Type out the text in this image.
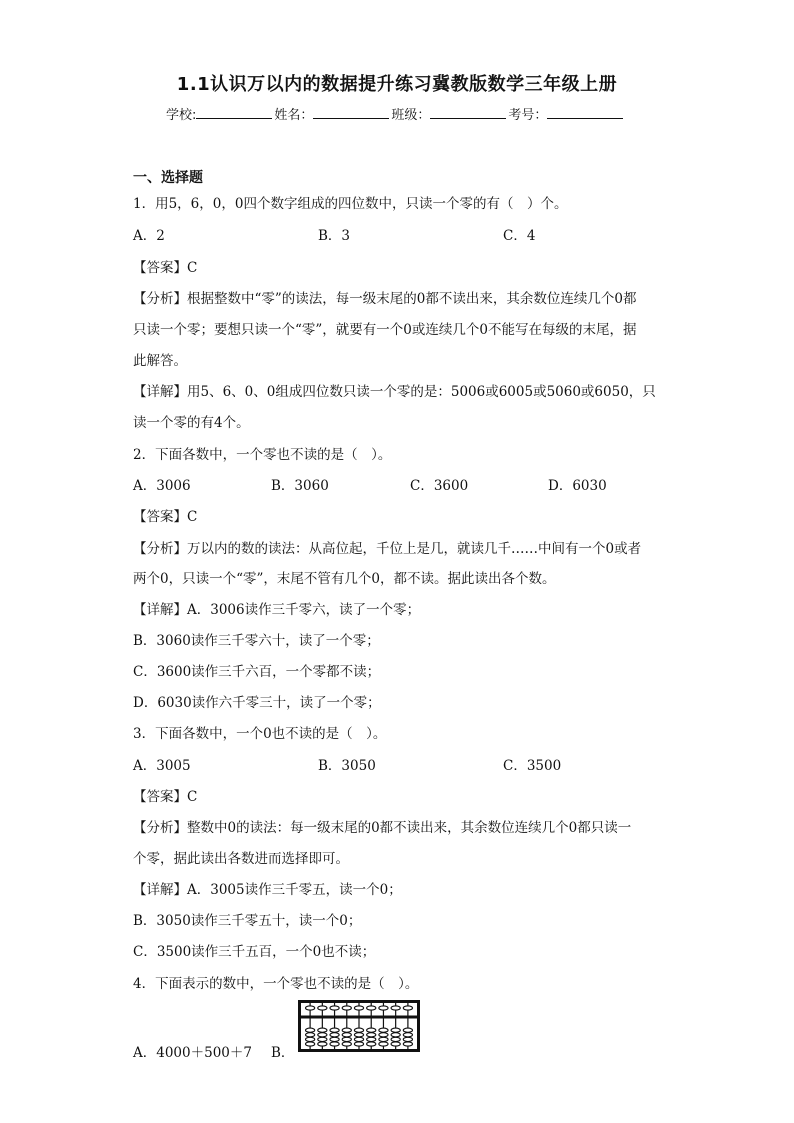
1.1认识万以内的数据提升练习冀教版数学三年级上册
学校:	姓名：	班级：	考号：
一、选择题
1．用5，6，0，0四个数字组成的四位数中，只读一个零的有（　）个。
A．2	B．3	C．4
【答案】C
【分析】根据整数中“零”的读法，每一级末尾的0都不读出来，其余数位连续几个0都
只读一个零；要想只读一个“零”，就要有一个0或连续几个0不能写在每级的末尾，据
此解答。
【详解】用5、6、0、0组成四位数只读一个零的是：5006或6005或5060或6050，只
读一个零的有4个。
2．下面各数中，一个零也不读的是（　）。
A．3006	B．3060	C．3600	D．6030
【答案】C
【分析】万以内的数的读法：从高位起，千位上是几，就读几千……中间有一个0或者
两个0，只读一个“零”，末尾不管有几个0，都不读。据此读出各个数。
【详解】A．3006读作三千零六，读了一个零；
B．3060读作三千零六十，读了一个零；
C．3600读作三千六百，一个零都不读；
D．6030读作六千零三十，读了一个零；
3．下面各数中，一个0也不读的是（　）。
A．3005	B．3050	C．3500
【答案】C
【分析】整数中0的读法：每一级末尾的0都不读出来，其余数位连续几个0都只读一
个零，据此读出各数进而选择即可。
【详解】A．3005读作三千零五，读一个0；
B．3050读作三千零五十，读一个0；
C．3500读作三千五百，一个0也不读；
4．下面表示的数中，一个零也不读的是（　）。
A．4000＋500＋7 B．
